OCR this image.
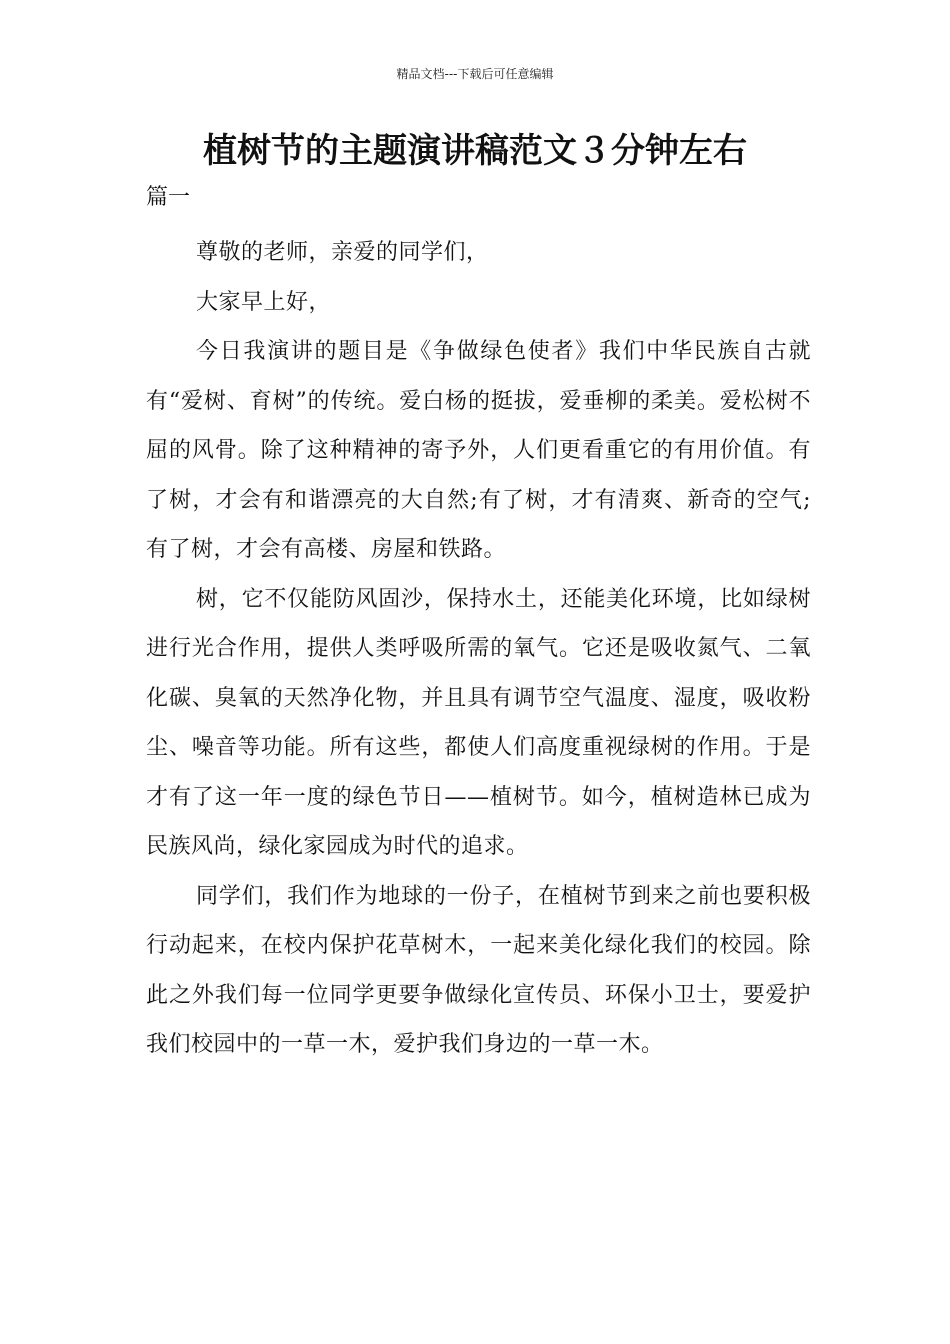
精品文档---下载后可任意编辑
植树节的主题演讲稿范文３分钟左右
篇一

尊敬的老师，亲爱的同学们，

大家早上好，

今日我演讲的题目是《争做绿色使者》我们中华民族自古就有“爱树、育树”的传统。爱白杨的挺拔，爱垂柳的柔美。爱松树不屈的风骨。除了这种精神的寄予外，人们更看重它的有用价值。有了树，才会有和谐漂亮的大自然;有了树，才有清爽、新奇的空气;有了树，才会有高楼、房屋和铁路。

树，它不仅能防风固沙，保持水土，还能美化环境，比如绿树进行光合作用，提供人类呼吸所需的氧气。它还是吸收氮气、二氧化碳、臭氧的天然净化物，并且具有调节空气温度、湿度，吸收粉尘、噪音等功能。所有这些，都使人们高度重视绿树的作用。于是才有了这一年一度的绿色节日——植树节。如今，植树造林已成为民族风尚，绿化家园成为时代的追求。

同学们，我们作为地球的一份子，在植树节到来之前也要积极行动起来，在校内保护花草树木，一起来美化绿化我们的校园。除此之外我们每一位同学更要争做绿化宣传员、环保小卫士，要爱护我们校园中的一草一木，爱护我们身边的一草一木。
